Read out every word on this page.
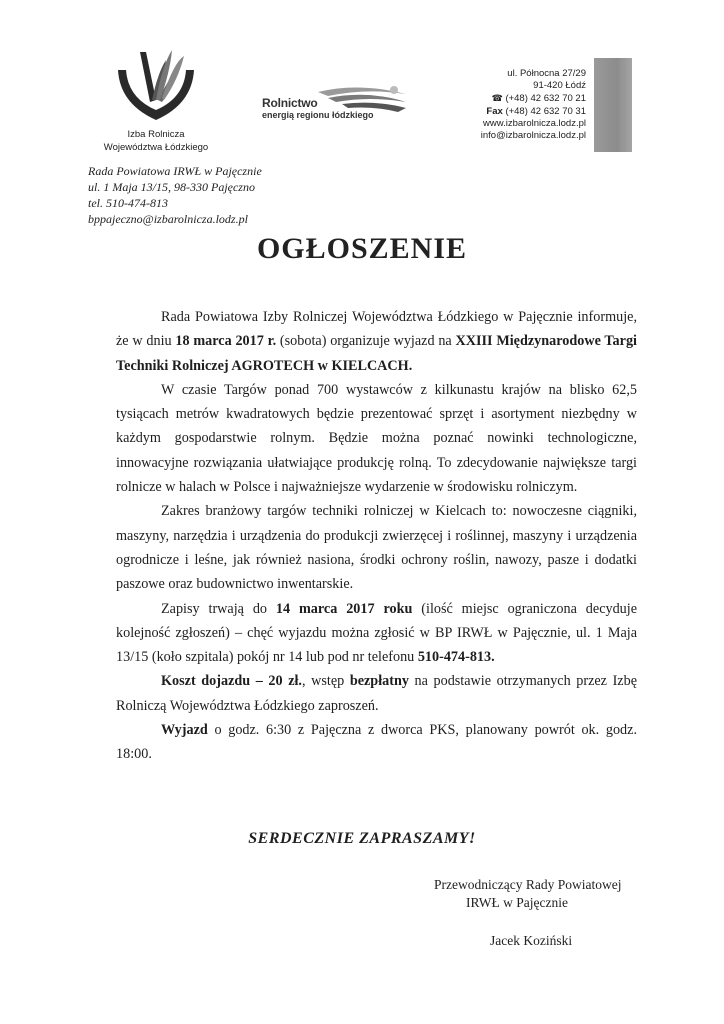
Izba Rolnicza
Województwa Łódzkiego
Rolnictwo
energią regionu łódzkiego
ul. Północna 27/29
91-420 Łódź
☎ (+48) 42 632 70 21
Fax (+48) 42 632 70 31
www.izbarolnicza.lodz.pl
info@izbarolnicza.lodz.pl
Rada Powiatowa IRWŁ w Pajęcznie
ul. 1 Maja 13/15, 98-330 Pajęczno
tel. 510-474-813
bppajeczno@izbarolnicza.lodz.pl
OGŁOSZENIE

Rada Powiatowa Izby Rolniczej Województwa Łódzkiego w Pajęcznie informuje, że w dniu 18 marca 2017 r. (sobota) organizuje wyjazd na XXIII Międzynarodowe Targi Techniki Rolniczej AGROTECH w KIELCACH.

W czasie Targów ponad 700 wystawców z kilkunastu krajów na blisko 62,5 tysiącach metrów kwadratowych będzie prezentować sprzęt i asortyment niezbędny w każdym gospodarstwie rolnym. Będzie można poznać nowinki technologiczne, innowacyjne rozwiązania ułatwiające produkcję rolną. To zdecydowanie największe targi rolnicze w halach w Polsce i najważniejsze wydarzenie w środowisku rolniczym.

Zakres branżowy targów techniki rolniczej w Kielcach to: nowoczesne ciągniki, maszyny, narzędzia i urządzenia do produkcji zwierzęcej i roślinnej, maszyny i urządzenia ogrodnicze i leśne, jak również nasiona, środki ochrony roślin, nawozy, pasze i dodatki paszowe oraz budownictwo inwentarskie.

Zapisy trwają do 14 marca 2017 roku (ilość miejsc ograniczona decyduje kolejność zgłoszeń) – chęć wyjazdu można zgłosić w BP IRWŁ w Pajęcznie, ul. 1 Maja 13/15 (koło szpitala) pokój nr 14 lub pod nr telefonu 510-474-813.

Koszt dojazdu – 20 zł., wstęp bezpłatny na podstawie otrzymanych przez Izbę Rolniczą Województwa Łódzkiego zaproszeń.

Wyjazd o godz. 6:30 z Pajęczna z dworca PKS, planowany powrót ok. godz. 18:00.

SERDECZNIE ZAPRASZAMY!
Przewodniczący Rady Powiatowej
IRWŁ w Pajęcznie
Jacek Koziński
